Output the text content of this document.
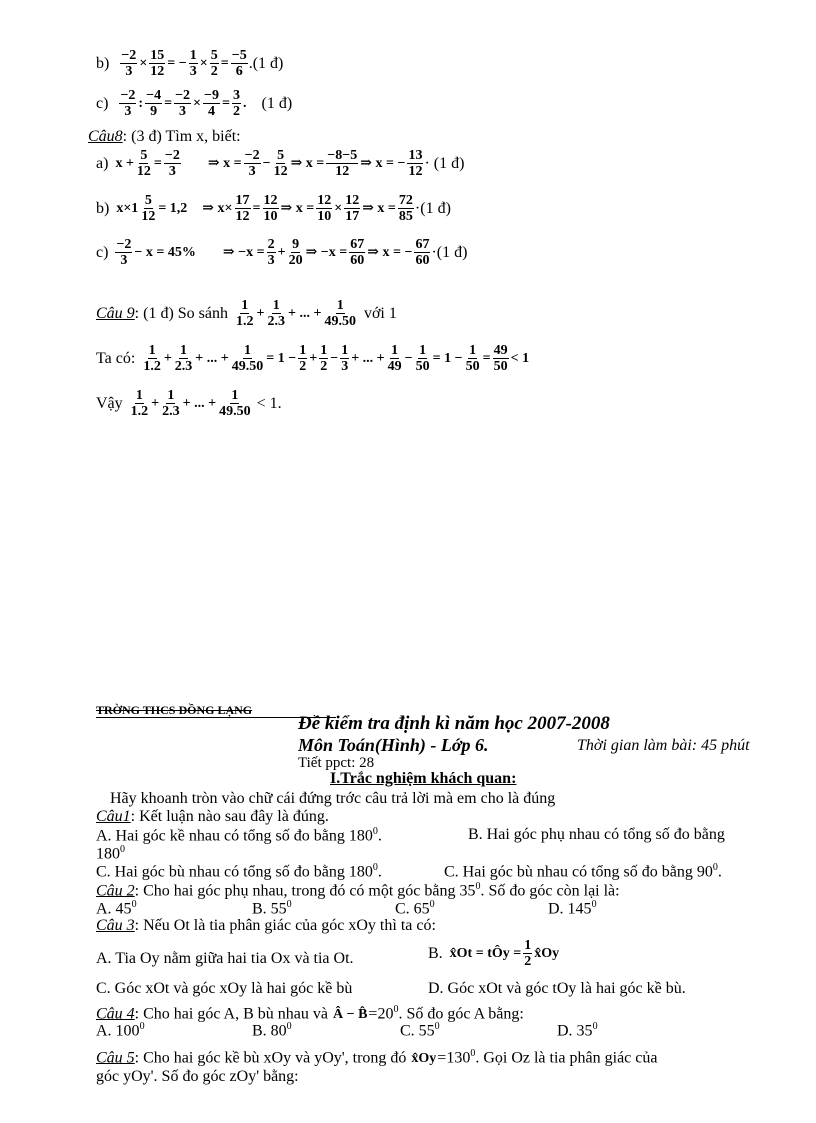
$b) \frac{-2}{3} \times \frac{15}{12}$ = − $\frac{1}{3} \times \frac{5}{2} = \frac{-5}{6} .(1$ đ)
c) −2
3
: $\frac{-4}{9} = \frac{-2}{3} \times \frac{-9}{4} = \frac{3}{2}$ . (1 đ)
Câu8: (3 đ) Tìm x, biết:
a) $x + \frac{5}{12} = \frac{-2}{3}$ ⇒ $x = \frac{-2}{3} - \frac{5}{12}$ ⇒ $x = \frac{-8-5}{12}$ ⇒ x = − $\frac{13}{12} \cdot (1$ đ)
b) $x\times 1 \frac{5}{12} = 1,2$ ⇒ $x\times \frac{17}{12} = \frac{12}{10}$ ⇒ $x = \frac{12}{10} \times \frac{12}{17}$ ⇒ $x = \frac{72}{85} \cdot(1$ đ)
c) −2
3
− x = 45% ⇒ $-x = \frac{2}{3} + \frac{9}{20}$ ⇒ $-x = \frac{67}{60}$ ⇒ x = − $\frac{67}{60} \cdot(1$ đ)
Câu 9 : (1 đ) So sánh 1
1.2
+ $\frac{1}{2.3}$ + ... + $\frac{1}{49.50}$ với 1
Ta có: 1
1.2
+ $\frac{1}{2.3}$ + ... + $\frac{1}{49.50} = 1 - \frac{1}{2} + \frac{1}{2} - \frac{1}{3}$ + ... + $\frac{1}{49} - \frac{1}{50} = 1 - \frac{1}{50} = \frac{49}{50} < 1$
Vậy 1
1.2
+ $\frac{1}{2.3}$ + ... + $\frac{1}{49.50} < 1$.
TRỜNG THCS ĐỒNG LẠNG
Đề kiểm tra định kì năm học 2007-2008
Môn Toán(Hình) - Lớp 6.	Thời gian làm bài: 45 phút
Tiết ppct: 28
I.Trắc nghiệm khách quan:
Hãy khoanh tròn vào chữ cái đứng trớc câu trả lời mà em cho là đúng
Câu1: Kết luận nào sau đây là đúng.
A. Hai góc kề nhau có tổng số đo bằng $180^0$.	B. Hai góc phụ nhau có tổng số đo bằng
$180^0$
C. Hai góc bù nhau có tổng số đo bằng $180^0$.	C. Hai góc bù nhau có tổng số đo bằng $90^0$.
Câu 2: Cho hai góc phụ nhau, trong đó có một góc bằng $35^0$. Số đo góc còn lại là:
A. $45^0$	B. $55^0$	C. $65^0$	D. $145^0$
Câu 3: Nếu Ot là tia phân giác của góc xOy thì ta có:
A. Tia Oy nằm giữa hai tia Ox và tia Ot.	B. x̂Ot = tÔy = $\frac{1}{2}$ x̂Oy
C. Góc xOt và góc xOy là hai góc kề bù	D. Góc xOt và góc tOy là hai góc kề bù.
Câu 4: Cho hai góc A, B bù nhau và Â − $B̂=20^0$. Số đo góc A bằng:
A. $100^0$	B. $80^0$	C. $55^0$	D. $35^0$
Câu 5: Cho hai góc kề bù xOy và yOy', trong đó $x̂Oy=130^0$. Gọi Oz là tia phân giác của
góc yOy'. Số đo góc zOy' bằng:
